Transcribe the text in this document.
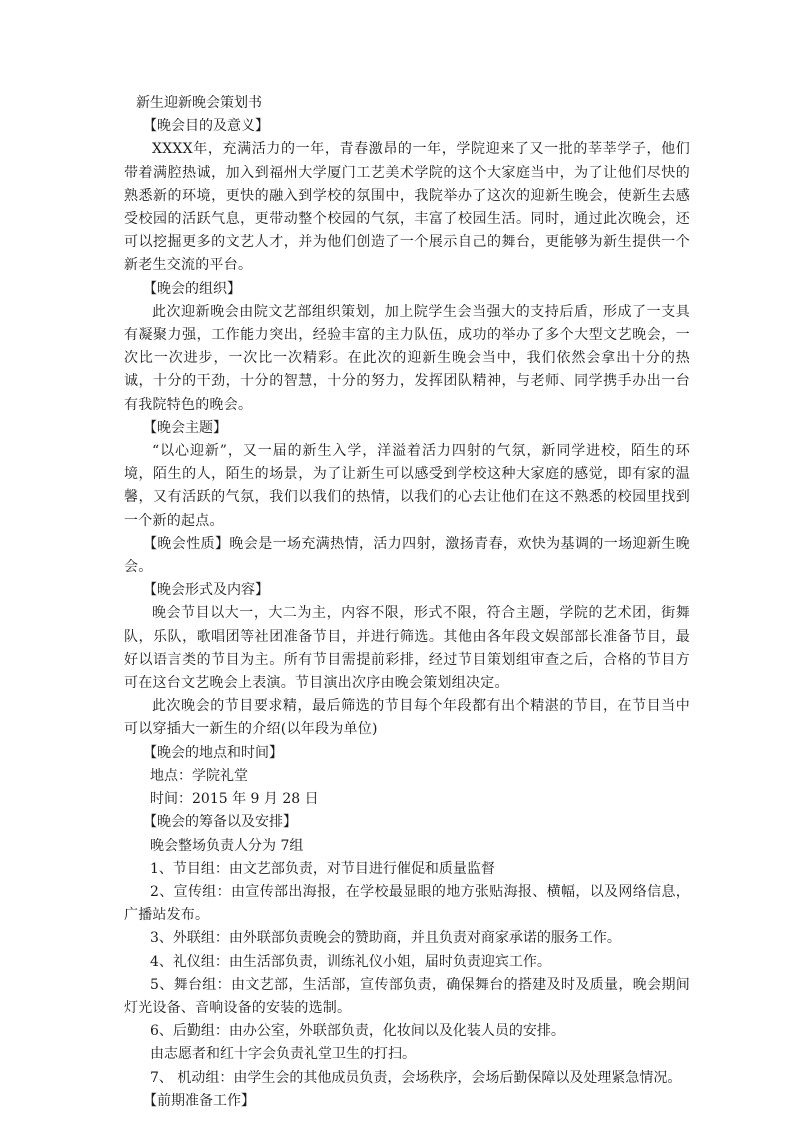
新生迎新晚会策划书

【晚会目的及意义】

XXXX年，充满活力的一年，青春激昂的一年，学院迎来了又一批的莘莘学子，他们带着满腔热诚，加入到福州大学厦门工艺美术学院的这个大家庭当中，为了让他们尽快的熟悉新的环境，更快的融入到学校的氛围中，我院举办了这次的迎新生晚会，使新生去感受校园的活跃气息，更带动整个校园的气氛，丰富了校园生活。同时，通过此次晚会，还可以挖掘更多的文艺人才，并为他们创造了一个展示自己的舞台，更能够为新生提供一个新老生交流的平台。

【晚会的组织】

此次迎新晚会由院文艺部组织策划，加上院学生会当强大的支持后盾，形成了一支具有凝聚力强，工作能力突出，经验丰富的主力队伍，成功的举办了多个大型文艺晚会，一次比一次进步，一次比一次精彩。在此次的迎新生晚会当中，我们依然会拿出十分的热诚，十分的干劲，十分的智慧，十分的努力，发挥团队精神，与老师、同学携手办出一台有我院特色的晚会。

【晚会主题】

“以心迎新”，又一届的新生入学，洋溢着活力四射的气氛，新同学进校，陌生的环境，陌生的人，陌生的场景，为了让新生可以感受到学校这种大家庭的感觉，即有家的温馨，又有活跃的气氛，我们以我们的热情，以我们的心去让他们在这不熟悉的校园里找到一个新的起点。

【晚会性质】晚会是一场充满热情，活力四射，激扬青春，欢快为基调的一场迎新生晚会。

【晚会形式及内容】

晚会节目以大一，大二为主，内容不限，形式不限，符合主题，学院的艺术团，街舞队，乐队，歌唱团等社团准备节目，并进行筛选。其他由各年段文娱部部长准备节目，最好以语言类的节目为主。所有节目需提前彩排，经过节目策划组审查之后，合格的节目方可在这台文艺晚会上表演。节目演出次序由晚会策划组决定。

此次晚会的节目要求精，最后筛选的节目每个年段都有出个精湛的节目，在节目当中可以穿插大一新生的介绍(以年段为单位)

【晚会的地点和时间】

地点：学院礼堂

时间：2015 年 9 月 28 日

【晚会的筹备以及安排】

晚会整场负责人分为 7组

1、节目组：由文艺部负责，对节目进行催促和质量监督

2、宣传组：由宣传部出海报，在学校最显眼的地方张贴海报、横幅，以及网络信息，广播站发布。

3、外联组：由外联部负责晚会的赞助商，并且负责对商家承诺的服务工作。

4、礼仪组：由生活部负责，训练礼仪小姐，届时负责迎宾工作。

5、舞台组：由文艺部，生活部，宣传部负责，确保舞台的搭建及时及质量，晚会期间灯光设备、音响设备的安装的选制。

6、后勤组：由办公室，外联部负责，化妆间以及化装人员的安排。

由志愿者和红十字会负责礼堂卫生的打扫。

7、 机动组：由学生会的其他成员负责，会场秩序，会场后勤保障以及处理紧急情况。

【前期准备工作】
